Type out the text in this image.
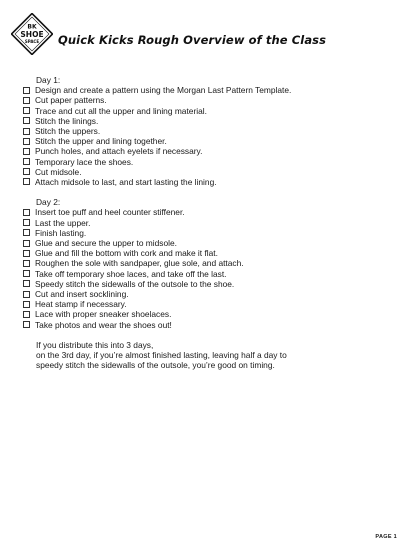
BK
SHOE
SPACE Quick Kicks Rough Overview of the Class
Day 1:
Design and create a pattern using the Morgan Last Pattern Template.
Cut paper patterns.
Trace and cut all the upper and lining material.
Stitch the linings.
Stitch the uppers.
Stitch the upper and lining together.
Punch holes, and attach eyelets if necessary.
Temporary lace the shoes.
Cut midsole.
Attach midsole to last, and start lasting the lining.
Day 2:
Insert toe puff and heel counter stiffener.
Last the upper.
Finish lasting.
Glue and secure the upper to midsole.
Glue and fill the bottom with cork and make it flat.
Roughen the sole with sandpaper, glue sole, and attach.
Take off temporary shoe laces, and take off the last.
Speedy stitch the sidewalls of the outsole to the shoe.
Cut and insert socklining.
Heat stamp if necessary.
Lace with proper sneaker shoelaces.
Take photos and wear the shoes out!
If you distribute this into 3 days,
on the 3rd day, if you’re almost finished lasting, leaving half a day to
speedy stitch the sidewalls of the outsole, you’re good on timing.
PAGE 1
